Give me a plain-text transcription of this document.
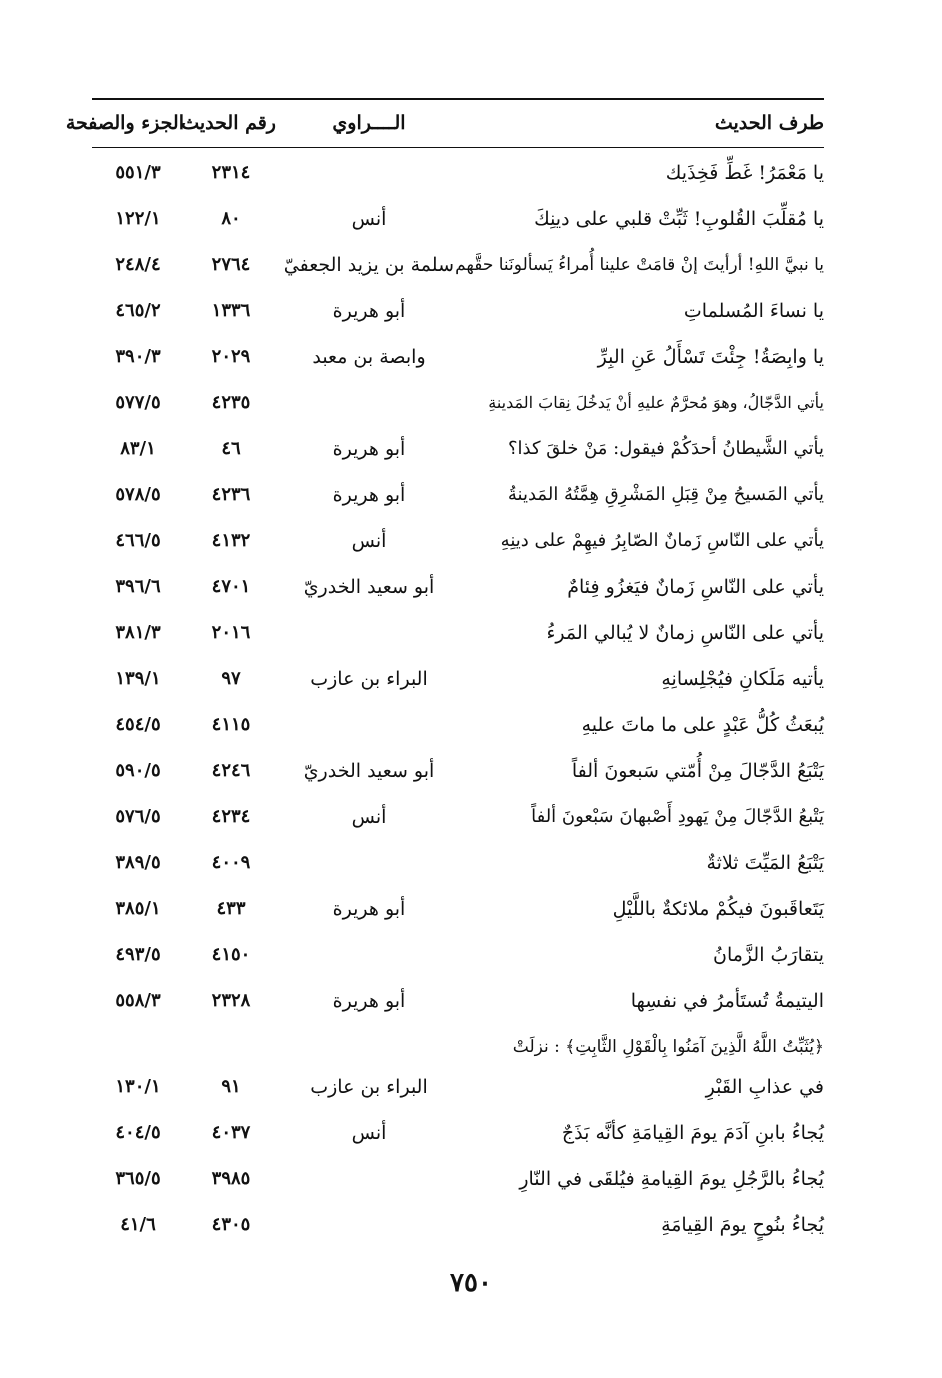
طرف الحديث
الــــراوي
رقم الحديث
الجزء والصفحة
يا مَعْمَرُ! غَطِّ فَخِذَيك
٢٣١٤
٥٥١/٣
يا مُقلِّبَ القُلوبِ! ثَبِّتْ قلبي على دينِكَ
أنس
٨٠
١٢٢/١
يا نبيَّ اللهِ! أرأيتَ إنْ قامَتْ علينا أُمراءُ يَسألونَنا حقَّهم
سلمة بن يزيد الجعفيّ
٢٧٦٤
٢٤٨/٤
يا نساءَ المُسلماتِ
أبو هريرة
١٣٣٦
٤٦٥/٢
يا وابِصَةُ! جِئْتَ تَسْأَلُ عَنِ البِرِّ
وابصة بن معبد
٢٠٢٩
٣٩٠/٣
يأتي الدَّجّالُ، وهوَ مُحرَّمٌ عليهِ أنْ يَدخُلَ نِقابَ المَدينةِ
٤٢٣٥
٥٧٧/٥
يأتي الشَّيطانُ أحدَكُمْ فيقول: مَنْ خلقَ كذا؟
أبو هريرة
٤٦
٨٣/١
يأتي المَسيحُ مِنْ قِبَلِ المَشْرِقِ هِمَّتُهُ المَدينةُ
أبو هريرة
٤٢٣٦
٥٧٨/٥
يأتي على النّاسِ زَمانٌ الصّابِرُ فيهِمْ على دينِهِ
أنس
٤١٣٢
٤٦٦/٥
يأتي على النّاسِ زَمانٌ فيَغزُو فِئامٌ
أبو سعيد الخدريّ
٤٧٠١
٣٩٦/٦
يأتي على النّاسِ زمانٌ لا يُبالي المَرءُ
٢٠١٦
٣٨١/٣
يأتيه مَلَكانِ فيُجْلِسانِهِ
البراء بن عازب
٩٧
١٣٩/١
يُبعَثُ كُلُّ عَبْدٍ على ما ماتَ عليهِ
٤١١٥
٤٥٤/٥
يَتْبَعُ الدَّجّالَ مِنْ أُمّتي سَبعونَ ألفاً
أبو سعيد الخدريّ
٤٢٤٦
٥٩٠/٥
يَتْبعُ الدَّجّالَ مِنْ يَهودِ أَصْبهانَ سَبْعونَ ألفاً
أنس
٤٢٣٤
٥٧٦/٥
يَتْبَعُ المَيِّتَ ثلاثةٌ
٤٠٠٩
٣٨٩/٥
يَتَعاقَبونَ فيكُمْ ملائكةٌ باللَّيْلِ
أبو هريرة
٤٣٣
٣٨٥/١
يتقارَبُ الزَّمانُ
٤١٥٠
٤٩٣/٥
اليتيمةُ تُستَأمرُ في نفسِها
أبو هريرة
٢٣٢٨
٥٥٨/٣
﴿يُثَبِّتُ اللَّهُ الَّذِينَ آمَنُوا بِالْقَوْلِ الثَّابِتِ﴾ : نزلَتْ
في عذابِ القَبْرِ
البراء بن عازب
٩١
١٣٠/١
يُجاءُ بابنِ آدَمَ يومَ القِيامَةِ كأنَّه بَذَجٌ
أنس
٤٠٣٧
٤٠٤/٥
يُجاءُ بالرَّجُلِ يومَ القِيامةِ فيُلقَى في النّارِ
٣٩٨٥
٣٦٥/٥
يُجاءُ بنُوحٍ يومَ القِيامَةِ
٤٣٠٥
٤١/٦
٧٥٠
